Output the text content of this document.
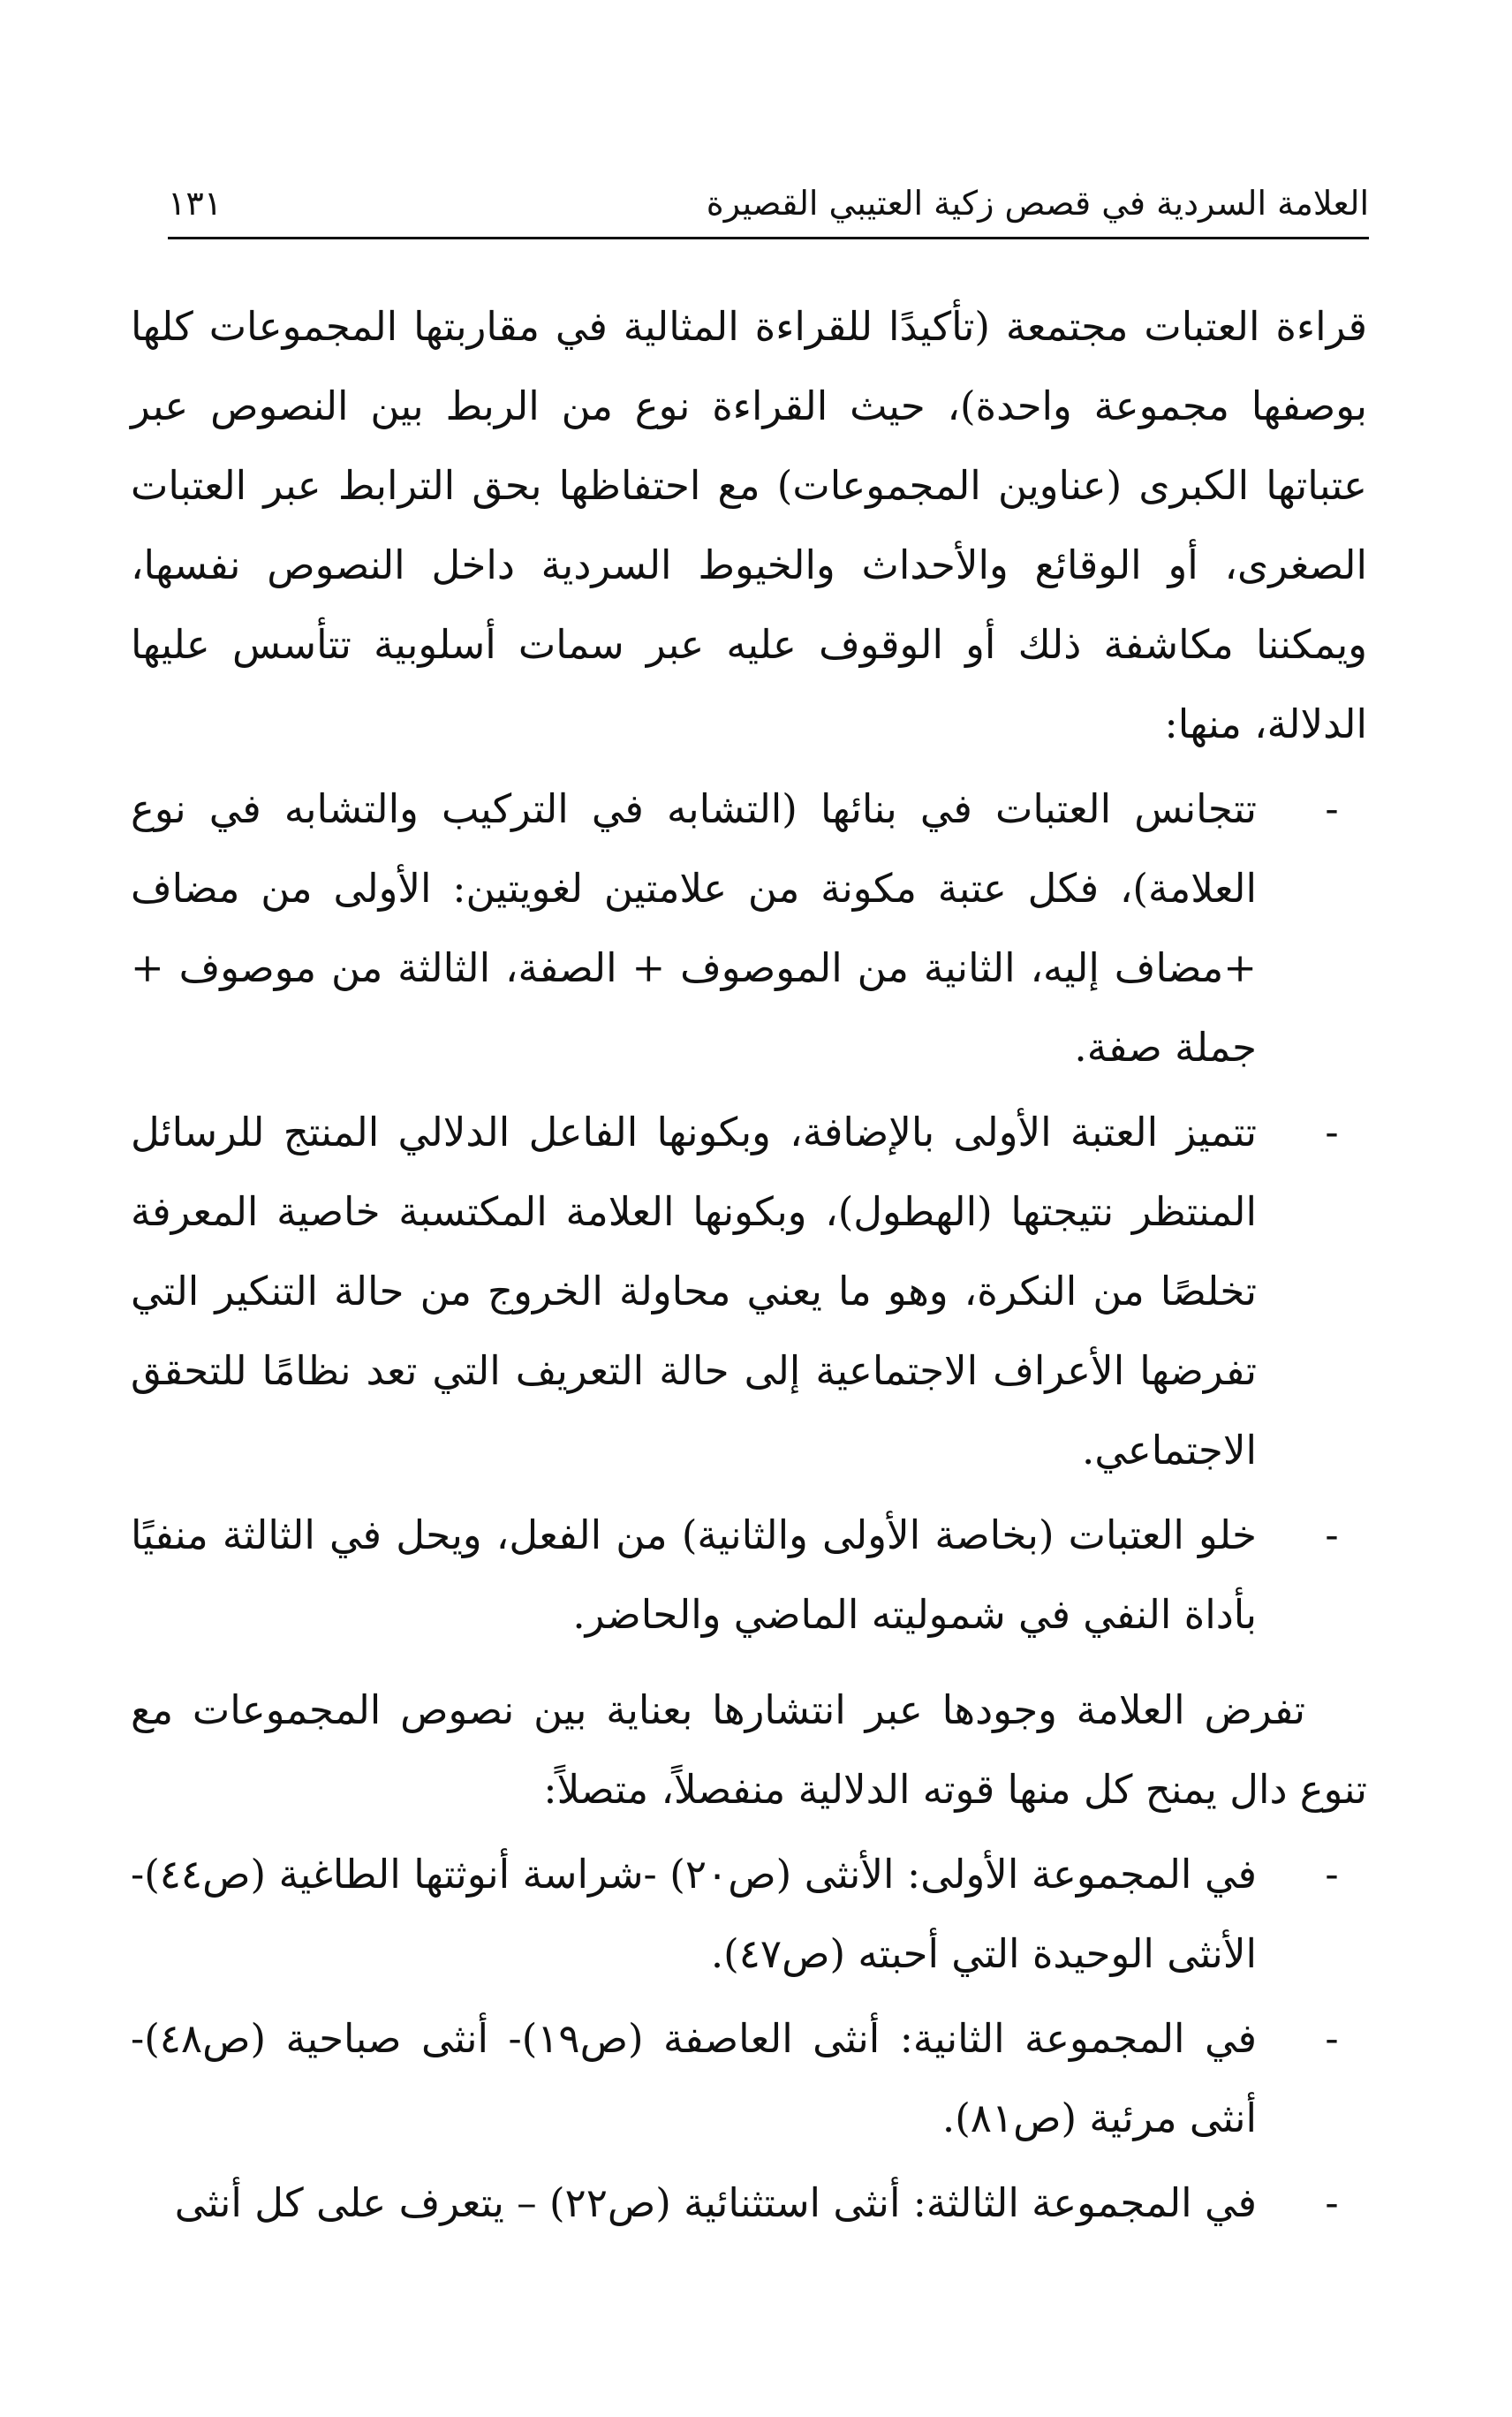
العلامة السردية في قصص زكية العتيبي القصيرة
١٣١

قراءة العتبات مجتمعة (تأكيدًا للقراءة المثالية في مقاربتها المجموعات كلها بوصفها مجموعة واحدة)، حيث القراءة نوع من الربط بين النصوص عبر عتباتها الكبرى (عناوين المجموعات) مع احتفاظها بحق الترابط عبر العتبات الصغرى، أو الوقائع والأحداث والخيوط السردية داخل النصوص نفسها، ويمكننا مكاشفة ذلك أو الوقوف عليه عبر سمات أسلوبية تتأسس عليها الدلالة، منها:

-
تتجانس العتبات في بنائها (التشابه في التركيب والتشابه في نوع العلامة)، فكل عتبة مكونة من علامتين لغويتين: الأولى من مضاف +مضاف إليه، الثانية من الموصوف + الصفة، الثالثة من موصوف + جملة صفة.
-
تتميز العتبة الأولى بالإضافة، وبكونها الفاعل الدلالي المنتج للرسائل المنتظر نتيجتها (الهطول)، وبكونها العلامة المكتسبة خاصية المعرفة تخلصًا من النكرة، وهو ما يعني محاولة الخروج من حالة التنكير التي تفرضها الأعراف الاجتماعية إلى حالة التعريف التي تعد نظامًا للتحقق الاجتماعي.
-
خلو العتبات (بخاصة الأولى والثانية) من الفعل، ويحل في الثالثة منفيًا بأداة النفي في شموليته الماضي والحاضر.

تفرض العلامة وجودها عبر انتشارها بعناية بين نصوص المجموعات مع تنوع دال يمنح كل منها قوته الدلالية منفصلاً، متصلاً:

-
في المجموعة الأولى: الأنثى (ص٢٠) -شراسة أنوثتها الطاغية (ص٤٤)- الأنثى الوحيدة التي أحبته (ص٤٧).
-
في المجموعة الثانية: أنثى العاصفة (ص١٩)- أنثى صباحية (ص٤٨)- أنثى مرئية (ص٨١).
-
في المجموعة الثالثة: أنثى استثنائية (ص٢٢) – يتعرف على كل أنثى
